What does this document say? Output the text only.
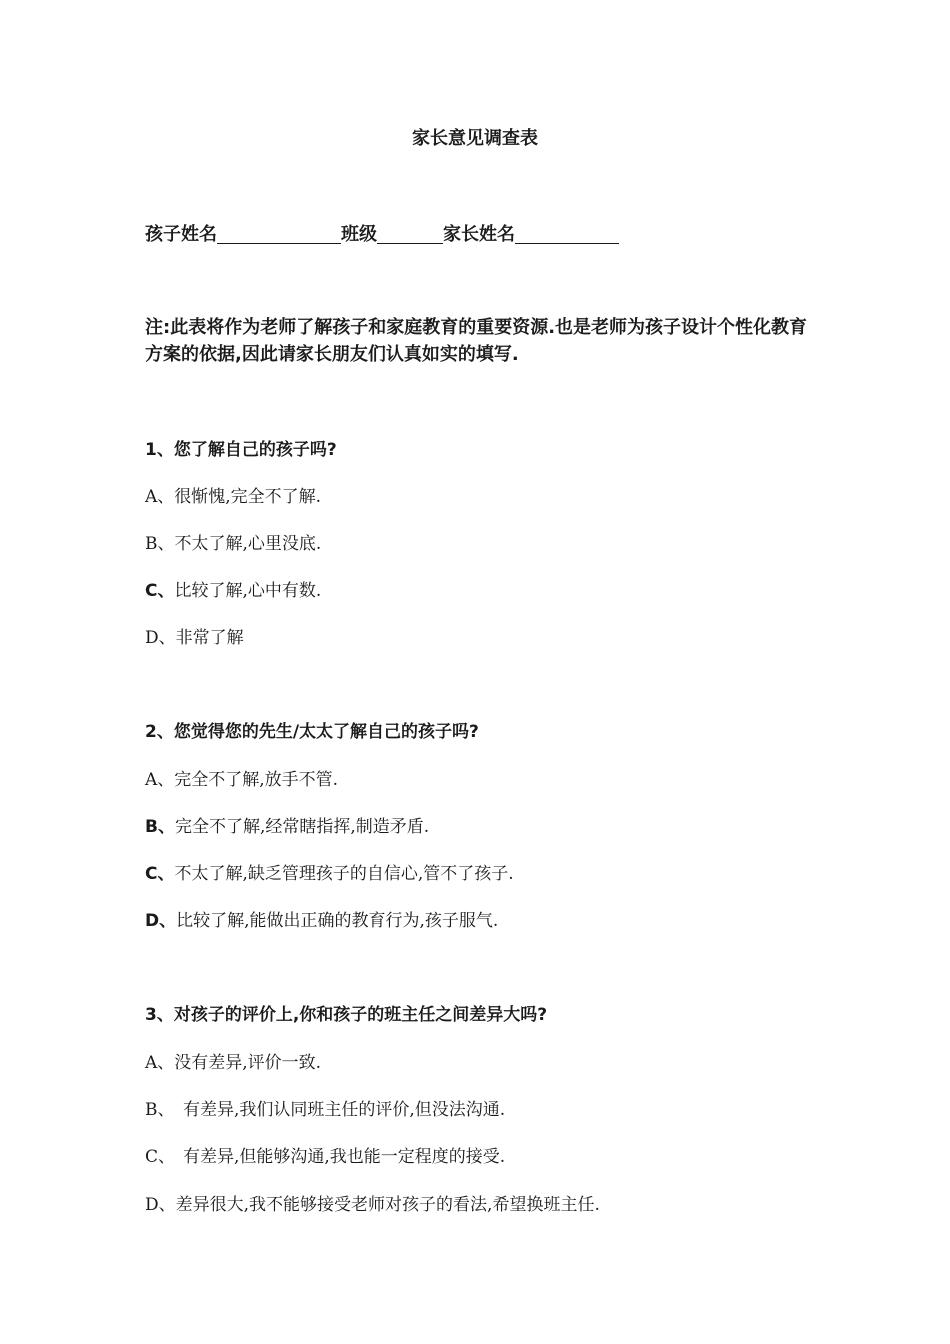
家长意见调查表
孩子姓名	班级	家长姓名
注:此表将作为老师了解孩子和家庭教育的重要资源.也是老师为孩子设计个性化教育方案的依据,因此请家长朋友们认真如实的填写.
1、您了解自己的孩子吗?
A、很惭愧,完全不了解.
B、不太了解,心里没底.
C、比较了解,心中有数.
D、非常了解
2、您觉得您的先生/太太了解自己的孩子吗?
A、完全不了解,放手不管.
B、完全不了解,经常瞎指挥,制造矛盾.
C、不太了解,缺乏管理孩子的自信心,管不了孩子.
D、比较了解,能做出正确的教育行为,孩子服气.
3、对孩子的评价上,你和孩子的班主任之间差异大吗?
A、没有差异,评价一致.
B、 有差异,我们认同班主任的评价,但没法沟通.
C、 有差异,但能够沟通,我也能一定程度的接受.
D、差异很大,我不能够接受老师对孩子的看法,希望换班主任.
